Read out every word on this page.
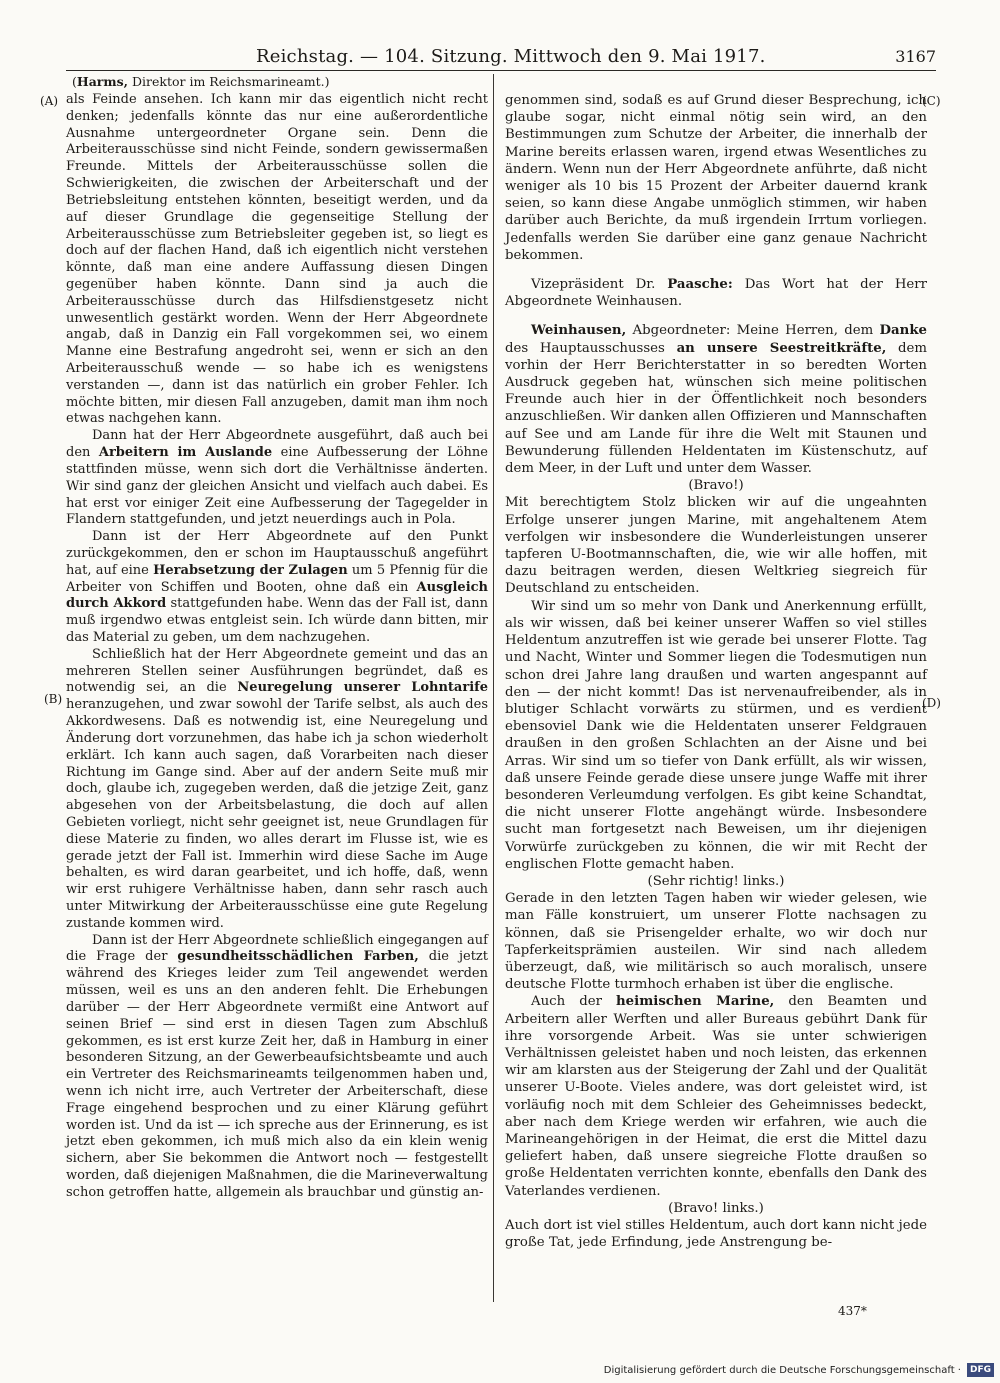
Reichstag. — 104. Sitzung. Mittwoch den 9. Mai 1917.	3167
(Harms, Direktor im Reichsmarineamt.)
(A)
(B)
(C)
(D)

als Feinde ansehen. Ich kann mir das eigentlich nicht recht denken; jedenfalls könnte das nur eine außerordentliche Ausnahme untergeordneter Organe sein. Denn die Arbeiterausschüsse sind nicht Feinde, sondern gewissermaßen Freunde. Mittels der Arbeiterausschüsse sollen die Schwierigkeiten, die zwischen der Arbeiterschaft und der Betriebsleitung entstehen könnten, beseitigt werden, und da auf dieser Grundlage die gegenseitige Stellung der Arbeiterausschüsse zum Betriebsleiter gegeben ist, so liegt es doch auf der flachen Hand, daß ich eigentlich nicht verstehen könnte, daß man eine andere Auffassung diesen Dingen gegenüber haben könnte. Dann sind ja auch die Arbeiterausschüsse durch das Hilfsdienstgesetz nicht unwesentlich gestärkt worden. Wenn der Herr Abgeordnete angab, daß in Danzig ein Fall vorgekommen sei, wo einem Manne eine Bestrafung angedroht sei, wenn er sich an den Arbeiterausschuß wende — so habe ich es wenigstens verstanden —, dann ist das natürlich ein grober Fehler. Ich möchte bitten, mir diesen Fall anzugeben, damit man ihm noch etwas nachgehen kann.

Dann hat der Herr Abgeordnete ausgeführt, daß auch bei den Arbeitern im Auslande eine Aufbesserung der Löhne stattfinden müsse, wenn sich dort die Verhältnisse änderten. Wir sind ganz der gleichen Ansicht und vielfach auch dabei. Es hat erst vor einiger Zeit eine Aufbesserung der Tagegelder in Flandern stattgefunden, und jetzt neuerdings auch in Pola.

Dann ist der Herr Abgeordnete auf den Punkt zurückgekommen, den er schon im Hauptausschuß angeführt hat, auf eine Herabsetzung der Zulagen um 5 Pfennig für die Arbeiter von Schiffen und Booten, ohne daß ein Ausgleich durch Akkord stattgefunden habe. Wenn das der Fall ist, dann muß irgendwo etwas entgleist sein. Ich würde dann bitten, mir das Material zu geben, um dem nachzugehen.

Schließlich hat der Herr Abgeordnete gemeint und das an mehreren Stellen seiner Ausführungen begründet, daß es notwendig sei, an die Neuregelung unserer Lohntarife heranzugehen, und zwar sowohl der Tarife selbst, als auch des Akkordwesens. Daß es notwendig ist, eine Neuregelung und Änderung dort vorzunehmen, das habe ich ja schon wiederholt erklärt. Ich kann auch sagen, daß Vorarbeiten nach dieser Richtung im Gange sind. Aber auf der andern Seite muß mir doch, glaube ich, zugegeben werden, daß die jetzige Zeit, ganz abgesehen von der Arbeitsbelastung, die doch auf allen Gebieten vorliegt, nicht sehr geeignet ist, neue Grundlagen für diese Materie zu finden, wo alles derart im Flusse ist, wie es gerade jetzt der Fall ist. Immerhin wird diese Sache im Auge behalten, es wird daran gearbeitet, und ich hoffe, daß, wenn wir erst ruhigere Verhältnisse haben, dann sehr rasch auch unter Mitwirkung der Arbeiterausschüsse eine gute Regelung zustande kommen wird.

Dann ist der Herr Abgeordnete schließlich eingegangen auf die Frage der gesundheitsschädlichen Farben, die jetzt während des Krieges leider zum Teil angewendet werden müssen, weil es uns an den anderen fehlt. Die Erhebungen darüber — der Herr Abgeordnete vermißt eine Antwort auf seinen Brief — sind erst in diesen Tagen zum Abschluß gekommen, es ist erst kurze Zeit her, daß in Hamburg in einer besonderen Sitzung, an der Gewerbeaufsichtsbeamte und auch ein Vertreter des Reichsmarineamts teilgenommen haben und, wenn ich nicht irre, auch Vertreter der Arbeiterschaft, diese Frage eingehend besprochen und zu einer Klärung geführt worden ist. Und da ist — ich spreche aus der Erinnerung, es ist jetzt eben gekommen, ich muß mich also da ein klein wenig sichern, aber Sie bekommen die Antwort noch — festgestellt worden, daß diejenigen Maßnahmen, die die Marineverwaltung schon getroffen hatte, allgemein als brauchbar und günstig an-

genommen sind, sodaß es auf Grund dieser Besprechung, ich glaube sogar, nicht einmal nötig sein wird, an den Bestimmungen zum Schutze der Arbeiter, die innerhalb der Marine bereits erlassen waren, irgend etwas Wesentliches zu ändern. Wenn nun der Herr Abgeordnete anführte, daß nicht weniger als 10 bis 15 Prozent der Arbeiter dauernd krank seien, so kann diese Angabe unmöglich stimmen, wir haben darüber auch Berichte, da muß irgendein Irrtum vorliegen. Jedenfalls werden Sie darüber eine ganz genaue Nachricht bekommen.

Vizepräsident Dr. Paasche: Das Wort hat der Herr Abgeordnete Weinhausen.

Weinhausen, Abgeordneter: Meine Herren, dem Danke des Hauptausschusses an unsere Seestreitkräfte, dem vorhin der Herr Berichterstatter in so beredten Worten Ausdruck gegeben hat, wünschen sich meine politischen Freunde auch hier in der Öffentlichkeit noch besonders anzuschließen. Wir danken allen Offizieren und Mannschaften auf See und am Lande für ihre die Welt mit Staunen und Bewunderung füllenden Heldentaten im Küstenschutz, auf dem Meer, in der Luft und unter dem Wasser.

(Bravo!)

Mit berechtigtem Stolz blicken wir auf die ungeahnten Erfolge unserer jungen Marine, mit angehaltenem Atem verfolgen wir insbesondere die Wunderleistungen unserer tapferen U-Bootmannschaften, die, wie wir alle hoffen, mit dazu beitragen werden, diesen Weltkrieg siegreich für Deutschland zu entscheiden.

Wir sind um so mehr von Dank und Anerkennung erfüllt, als wir wissen, daß bei keiner unserer Waffen so viel stilles Heldentum anzutreffen ist wie gerade bei unserer Flotte. Tag und Nacht, Winter und Sommer liegen die Todesmutigen nun schon drei Jahre lang draußen und warten angespannt auf den — der nicht kommt! Das ist nervenaufreibender, als in blutiger Schlacht vorwärts zu stürmen, und es verdient ebensoviel Dank wie die Heldentaten unserer Feldgrauen draußen in den großen Schlachten an der Aisne und bei Arras. Wir sind um so tiefer von Dank erfüllt, als wir wissen, daß unsere Feinde gerade diese unsere junge Waffe mit ihrer besonderen Verleumdung verfolgen. Es gibt keine Schandtat, die nicht unserer Flotte angehängt würde. Insbesondere sucht man fortgesetzt nach Beweisen, um ihr diejenigen Vorwürfe zurückgeben zu können, die wir mit Recht der englischen Flotte gemacht haben.

(Sehr richtig! links.)

Gerade in den letzten Tagen haben wir wieder gelesen, wie man Fälle konstruiert, um unserer Flotte nachsagen zu können, daß sie Prisengelder erhalte, wo wir doch nur Tapferkeitsprämien austeilen. Wir sind nach alledem überzeugt, daß, wie militärisch so auch moralisch, unsere deutsche Flotte turmhoch erhaben ist über die englische.

Auch der heimischen Marine, den Beamten und Arbeitern aller Werften und aller Bureaus gebührt Dank für ihre vorsorgende Arbeit. Was sie unter schwierigen Verhältnissen geleistet haben und noch leisten, das erkennen wir am klarsten aus der Steigerung der Zahl und der Qualität unserer U-Boote. Vieles andere, was dort geleistet wird, ist vorläufig noch mit dem Schleier des Geheimnisses bedeckt, aber nach dem Kriege werden wir erfahren, wie auch die Marineangehörigen in der Heimat, die erst die Mittel dazu geliefert haben, daß unsere siegreiche Flotte draußen so große Heldentaten verrichten konnte, ebenfalls den Dank des Vaterlandes verdienen.

(Bravo! links.)

Auch dort ist viel stilles Heldentum, auch dort kann nicht jede große Tat, jede Erfindung, jede Anstrengung be-

437*
Digitalisierung gefördert durch die Deutsche Forschungsgemeinschaft · DFG
